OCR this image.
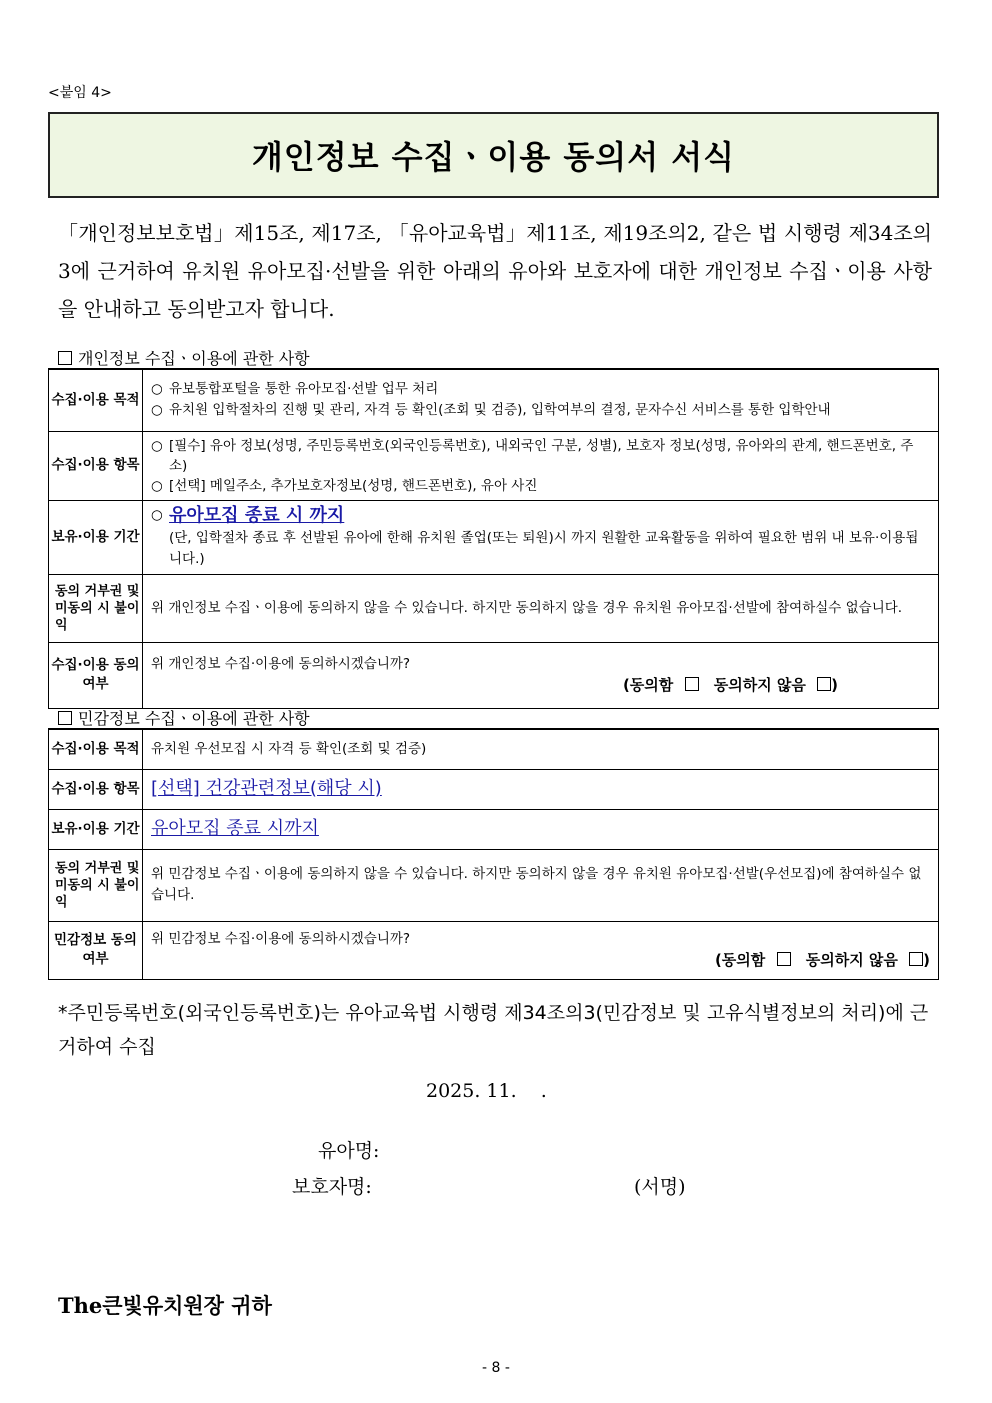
<붙임 4>
개인정보 수집ㆍ이용 동의서 서식
「개인정보보호법」제15조, 제17조, 「유아교육법」제11조, 제19조의2, 같은 법 시행령 제34조의3에 근거하여 유치원 유아모집·선발을 위한 아래의 유아와 보호자에 대한 개인정보 수집ㆍ이용 사항을 안내하고 동의받고자 합니다.
개인정보 수집ㆍ이용에 관한 사항
수집·이용 목적	○ 유보통합포털을 통한 유아모집·선발 업무 처리
○ 유치원 입학절차의 진행 및 관리, 자격 등 확인(조회 및 검증), 입학여부의 결정, 문자수신 서비스를 통한 입학안내

수집·이용 항목	○ [필수] 유아 정보(성명, 주민등록번호(외국인등록번호), 내외국인 구분, 성별), 보호자 정보(성명, 유아와의 관계, 핸드폰번호, 주소)
○ [선택] 메일주소, 추가보호자정보(성명, 핸드폰번호), 유아 사진

보유·이용 기간	○ 유아모집 종료 시 까지
(단, 입학절차 종료 후 선발된 유아에 한해 유치원 졸업(또는 퇴원)시 까지 원활한 교육활동을 위하여 필요한 범위 내 보유·이용됩니다.)

동의 거부권 및 미동의 시 불이익	위 개인정보 수집ㆍ이용에 동의하지 않을 수 있습니다. 하지만 동의하지 않을 경우 유치원 유아모집·선발에 참여하실수 없습니다.
수집·이용 동의 여부	위 개인정보 수집·이용에 동의하시겠습니까?
(동의함 동의하지 않음 )
민감정보 수집ㆍ이용에 관한 사항
수집·이용 목적	유치원 우선모집 시 자격 등 확인(조회 및 검증)
수집·이용 항목	[선택] 건강관련정보(해당 시)
보유·이용 기간	유아모집 종료 시까지
동의 거부권 및 미동의 시 불이익	위 민감정보 수집ㆍ이용에 동의하지 않을 수 있습니다. 하지만 동의하지 않을 경우 유치원 유아모집·선발(우선모집)에 참여하실수 없습니다.
민감정보 동의 여부	위 민감정보 수집·이용에 동의하시겠습니까?
(동의함 동의하지 않음 )
*주민등록번호(외국인등록번호)는 유아교육법 시행령 제34조의3(민감정보 및 고유식별정보의 처리)에 근거하여 수집
2025. 11.    .
유아명:
보호자명:	(서명)
The큰빛유치원장 귀하
- 8 -
